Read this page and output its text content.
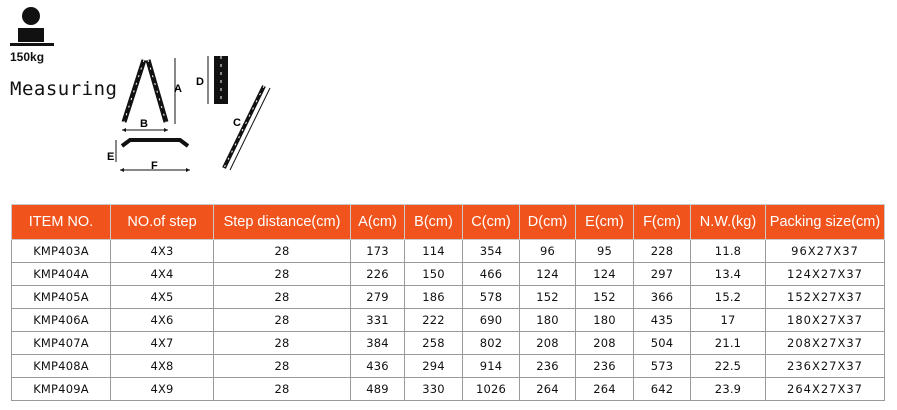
150kg
Measuring	A
B	C
D
E
F
ITEM NO.	NO.of step	Step distance(cm)	A(cm)	B(cm)	C(cm)	D(cm)	E(cm)	F(cm)	N.W.(kg)	Packing size(cm)
KMP403A	4X3	28	173	114	354	96	95	228	11.8	96X27X37
KMP404A	4X4	28	226	150	466	124	124	297	13.4	124X27X37
KMP405A	4X5	28	279	186	578	152	152	366	15.2	152X27X37
KMP406A	4X6	28	331	222	690	180	180	435	17	180X27X37
KMP407A	4X7	28	384	258	802	208	208	504	21.1	208X27X37
KMP408A	4X8	28	436	294	914	236	236	573	22.5	236X27X37
KMP409A	4X9	28	489	330	1026	264	264	642	23.9	264X27X37
